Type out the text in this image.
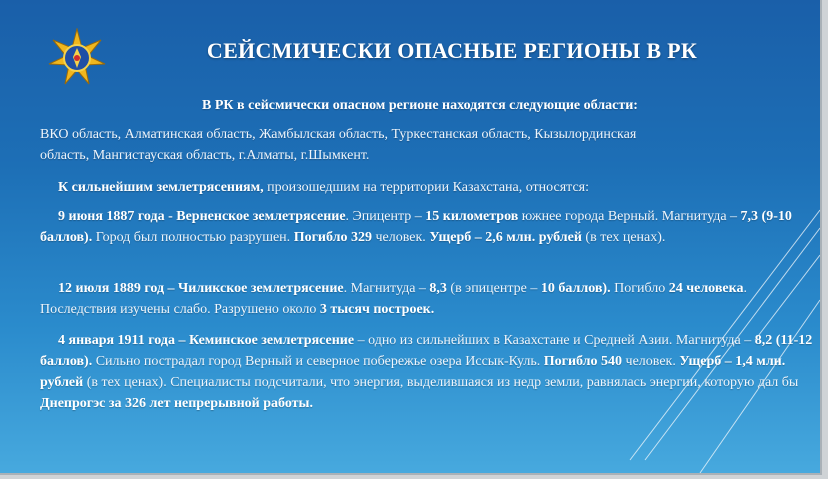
СЕЙСМИЧЕСКИ ОПАСНЫЕ РЕГИОНЫ В РК
В РК в сейсмически опасном регионе находятся следующие области:
ВКО область, Алматинская область, Жамбылская область, Туркестанская область, Кызылординская
область, Мангистауская область, г.Алматы, г.Шымкент.
К сильнейшим землетрясениям, произошедшим на территории Казахстана, относятся:
9 июня 1887 года - Верненское землетрясение. Эпицентр – 15 километров южнее города Верный. Магнитуда – 7,3 (9-10 баллов). Город был полностью разрушен. Погибло 329 человек. Ущерб – 2,6 млн. рублей (в тех ценах).
12 июля 1889 год – Чиликское землетрясение. Магнитуда – 8,3 (в эпицентре – 10 баллов). Погибло 24 человека. Последствия изучены слабо. Разрушено около 3 тысяч построек.
4 января 1911 года – Кеминское землетрясение – одно из сильнейших в Казахстане и Средней Азии. Магнитуда – 8,2 (11-12 баллов). Сильно пострадал город Верный и северное побережье озера Иссык-Куль. Погибло 540 человек. Ущерб – 1,4 млн. рублей (в тех ценах). Специалисты подсчитали, что энергия, выделившаяся из недр земли, равнялась энергии, которую дал бы Днепрогэс за 326 лет непрерывной работы.
